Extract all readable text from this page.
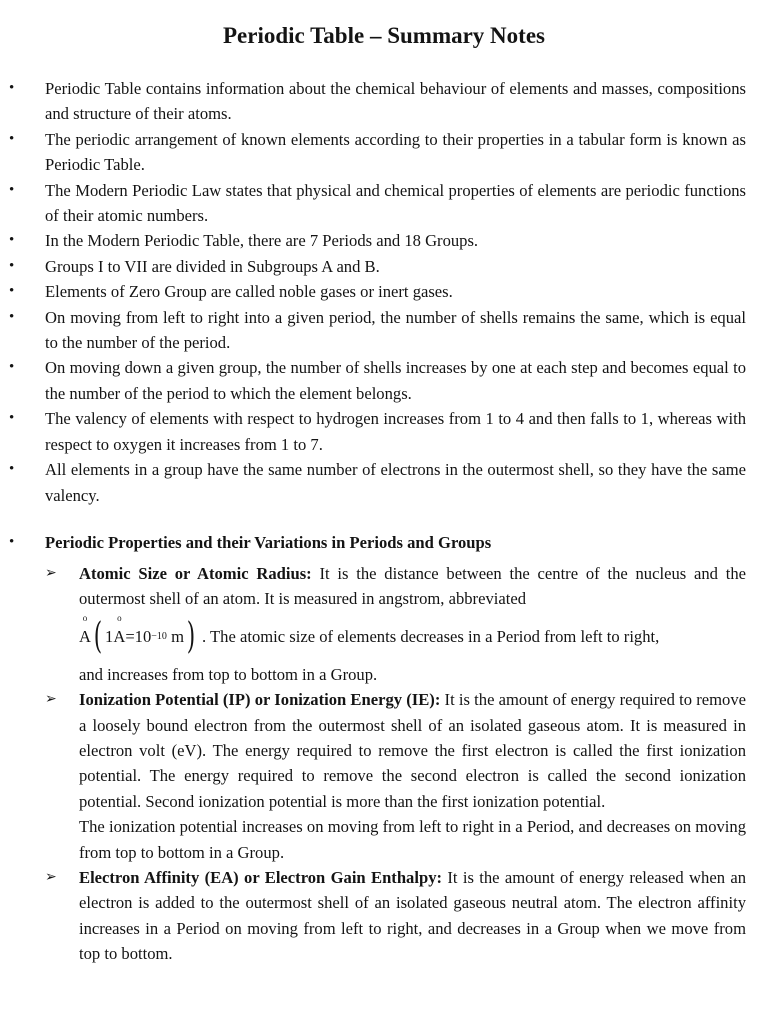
Periodic Table – Summary Notes
•	Periodic Table contains information about the chemical behaviour of elements and masses, compositions and structure of their atoms.
•	The periodic arrangement of known elements according to their properties in a tabular form is known as Periodic Table.
•	The Modern Periodic Law states that physical and chemical properties of elements are periodic functions of their atomic numbers.
•	In the Modern Periodic Table, there are 7 Periods and 18 Groups.
•	Groups I to VII are divided in Subgroups A and B.
•	Elements of Zero Group are called noble gases or inert gases.
•	On moving from left to right into a given period, the number of shells remains the same, which is equal to the number of the period.
•	On moving down a given group, the number of shells increases by one at each step and becomes equal to the number of the period to which the element belongs.
•	The valency of elements with respect to hydrogen increases from 1 to 4 and then falls to 1, whereas with respect to oxygen it increases from 1 to 7.
•	All elements in a group have the same number of electrons in the outermost shell, so they have the same valency.
• Periodic Properties and their Variations in Periods and Groups
➢	Atomic Size or Atomic Radius: It is the distance between the centre of the nucleus and the outermost shell of an atom. It is measured in angstrom, abbreviated
o A ( 1
o A =10 −10
m ) . The atomic size of elements decreases in a Period from left to right,
and increases from top to bottom in a Group.
➢	Ionization Potential (IP) or Ionization Energy (IE): It is the amount of energy required to remove a loosely bound electron from the outermost shell of an isolated gaseous atom. It is measured in electron volt (eV). The energy required to remove the first electron is called the first ionization potential. The energy required to remove the second electron is called the second ionization potential. Second ionization potential is more than the first ionization potential.
The ionization potential increases on moving from left to right in a Period, and decreases on moving from top to bottom in a Group.
➢	Electron Affinity (EA) or Electron Gain Enthalpy: It is the amount of energy released when an electron is added to the outermost shell of an isolated gaseous neutral atom. The electron affinity increases in a Period on moving from left to right, and decreases in a Group when we move from top to bottom.
